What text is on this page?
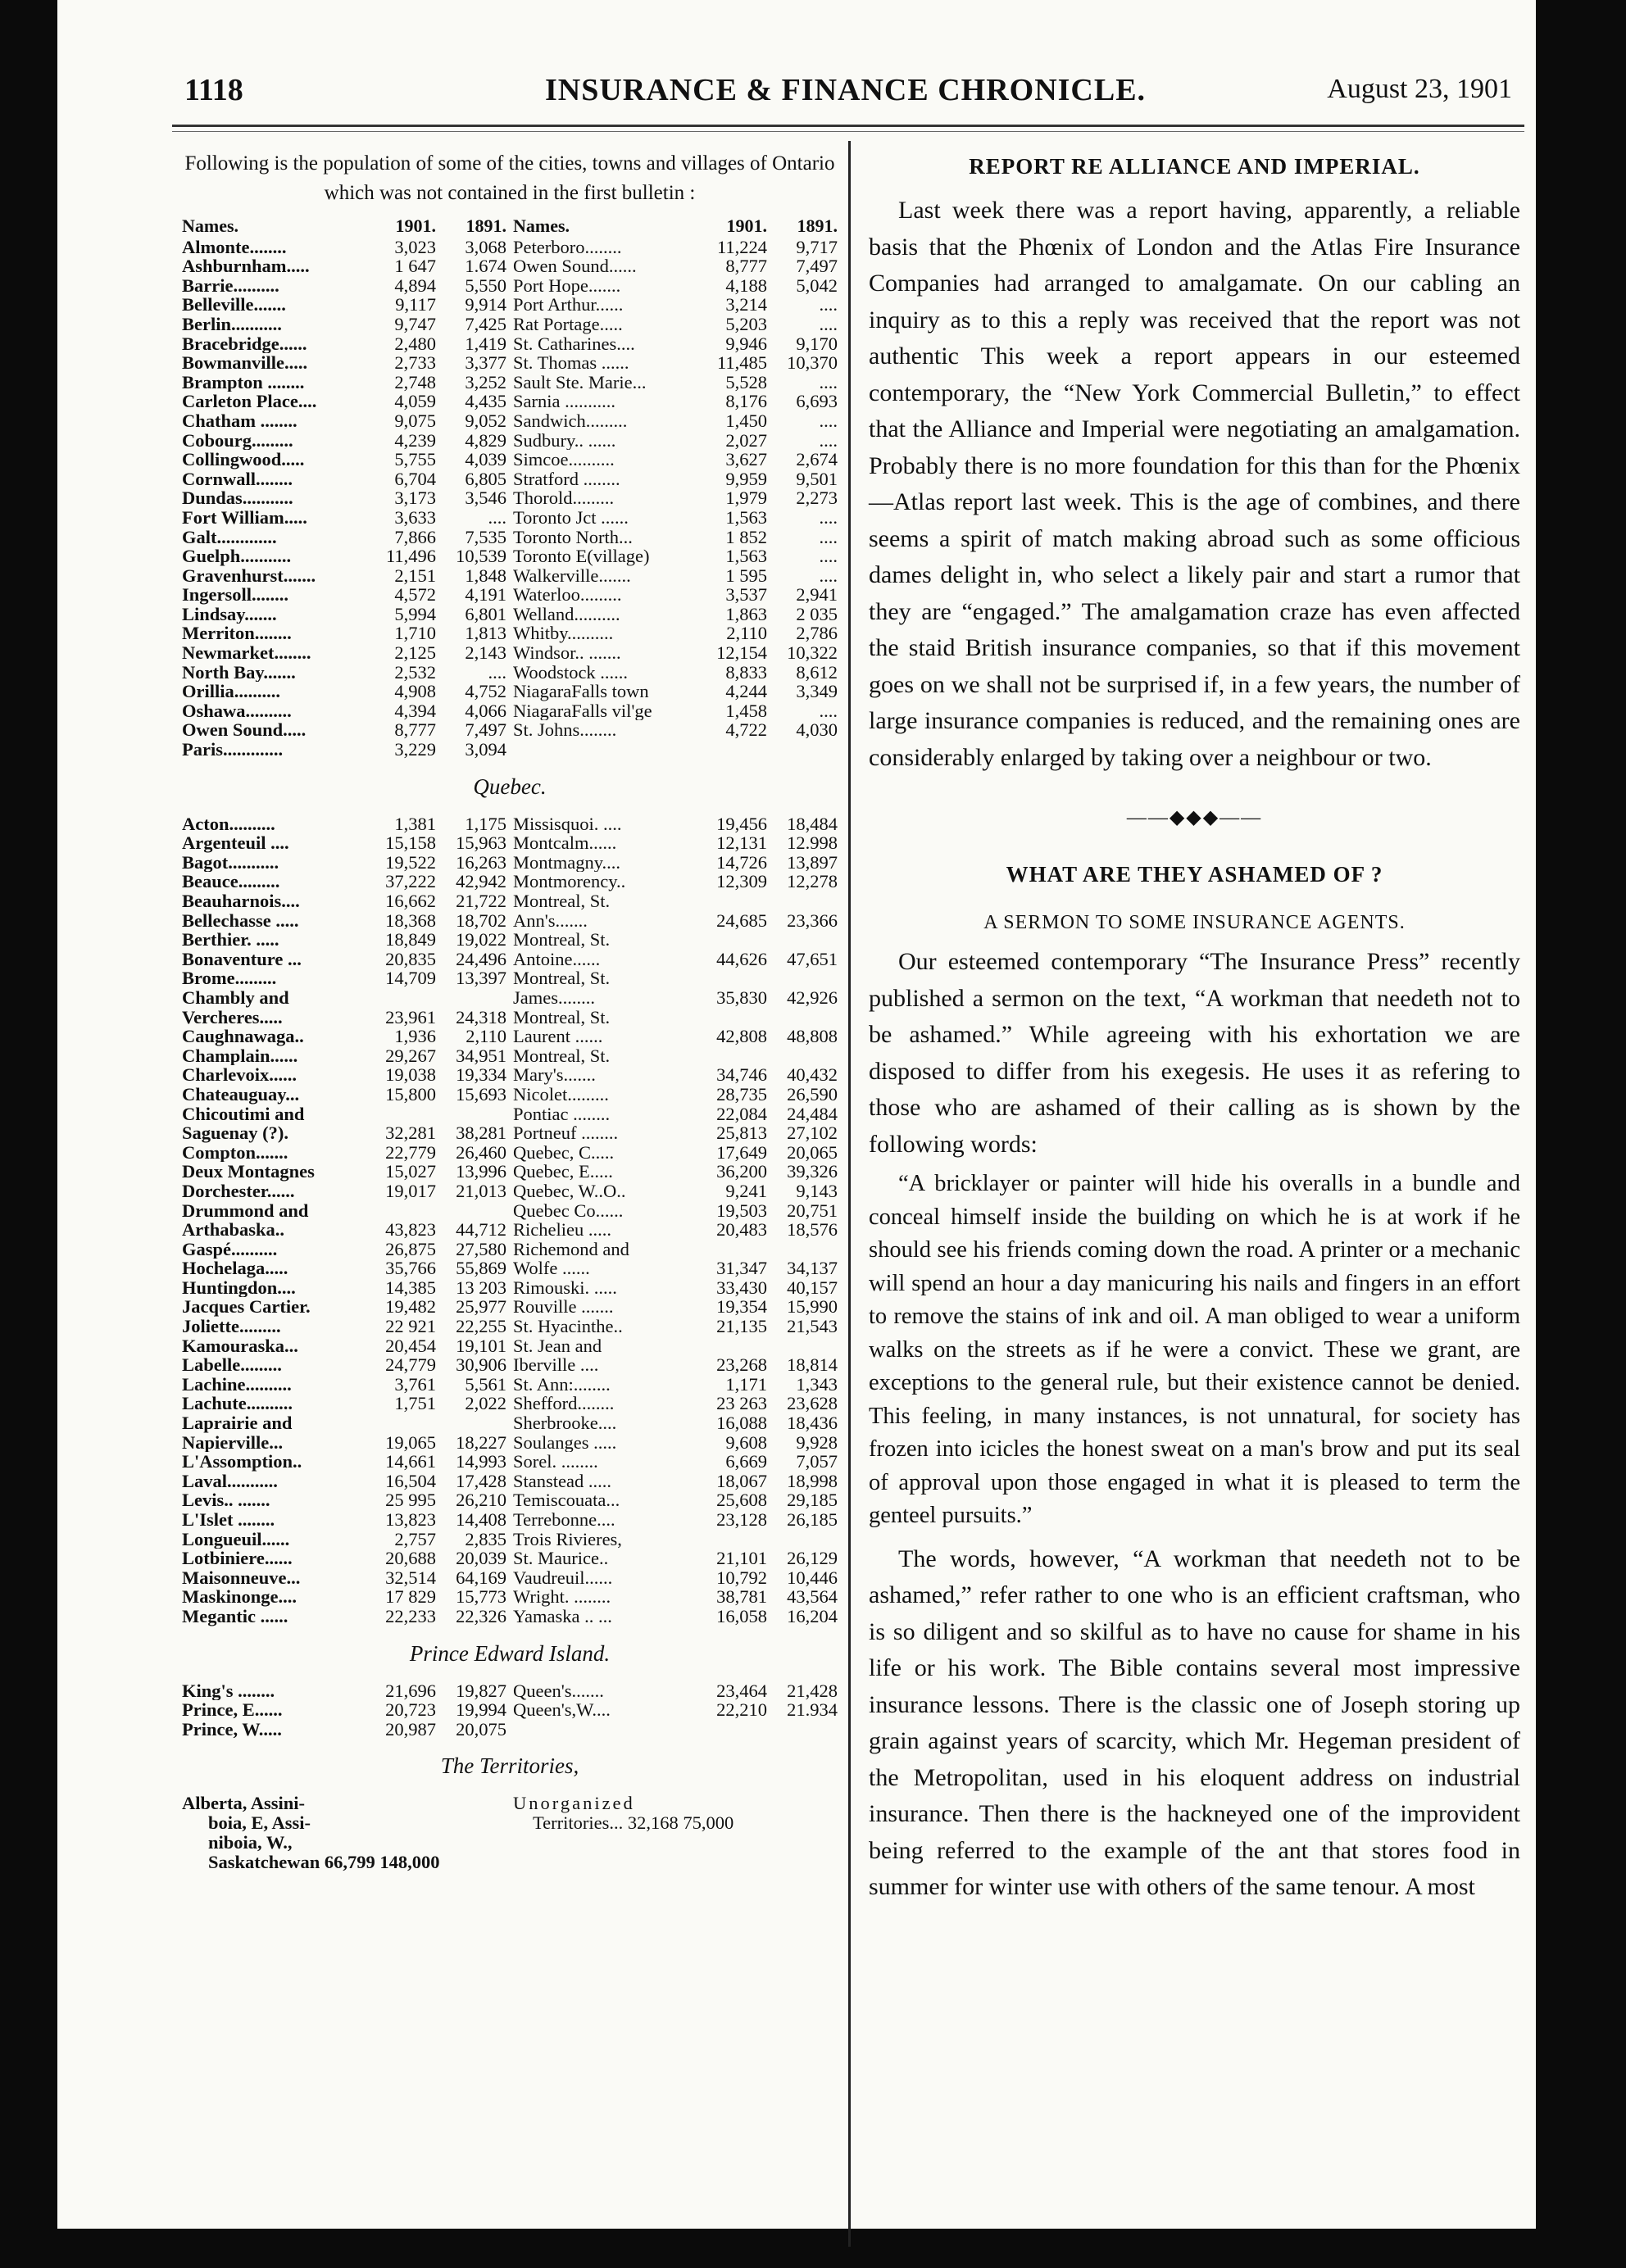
1118	INSURANCE & FINANCE CHRONICLE.	August 23, 1901

Following is the population of some of the cities, towns and villages of Ontario which was not contained in the first bulletin :

Names.	1901.	1891.
Almonte........	3,023	3,068
Ashburnham.....	1 647	1.674
Barrie..........	4,894	5,550
Belleville.......	9,117	9,914
Berlin...........	9,747	7,425
Bracebridge......	2,480	1,419
Bowmanville.....	2,733	3,377
Brampton ........	2,748	3,252
Carleton Place....	4,059	4,435
Chatham ........	9,075	9,052
Cobourg.........	4,239	4,829
Collingwood.....	5,755	4,039
Cornwall........	6,704	6,805
Dundas...........	3,173	3,546
Fort William.....	3,633	....
Galt.............	7,866	7,535
Guelph...........	11,496	10,539
Gravenhurst.......	2,151	1,848
Ingersoll........	4,572	4,191
Lindsay.......	5,994	6,801
Merriton........	1,710	1,813
Newmarket........	2,125	2,143
North Bay.......	2,532	....
Orillia..........	4,908	4,752
Oshawa..........	4,394	4,066
Owen Sound.....	8,777	7,497
Paris.............	3,229	3,094
Names.	1901.	1891.
Peterboro........	11,224	9,717
Owen Sound......	8,777	7,497
Port Hope.......	4,188	5,042
Port Arthur......	3,214	....
Rat Portage.....	5,203	....
St. Catharines....	9,946	9,170
St. Thomas ......	11,485	10,370
Sault Ste. Marie...	5,528	....
Sarnia ...........	8,176	6,693
Sandwich.........	1,450	....
Sudbury.. ......	2,027	....
Simcoe..........	3,627	2,674
Stratford ........	9,959	9,501
Thorold.........	1,979	2,273
Toronto Jct ......	1,563	....
Toronto North...	1 852	....
Toronto E(village)	1,563	....
Walkerville.......	1 595	....
Waterloo.........	3,537	2,941
Welland..........	1,863	2 035
Whitby..........	2,110	2,786
Windsor.. .......	12,154	10,322
Woodstock ......	8,833	8,612
NiagaraFalls town	4,244	3,349
NiagaraFalls vil'ge	1,458	....
St. Johns........	4,722	4,030
Quebec.
Acton..........	1,381	1,175
Argenteuil ....	15,158	15,963
Bagot...........	19,522	16,263
Beauce.........	37,222	42,942
Beauharnois....	16,662	21,722
Bellechasse .....	18,368	18,702
Berthier. .....	18,849	19,022
Bonaventure ...	20,835	24,496
Brome.........	14,709	13,397
Chambly and
Vercheres.....	23,961	24,318
Caughnawaga..	1,936	2,110
Champlain......	29,267	34,951
Charlevoix......	19,038	19,334
Chateauguay...	15,800	15,693
Chicoutimi and
Saguenay (?).	32,281	38,281
Compton.......	22,779	26,460
Deux Montagnes	15,027	13,996
Dorchester......	19,017	21,013
Drummond and
Arthabaska..	43,823	44,712
Gaspé..........	26,875	27,580
Hochelaga.....	35,766	55,869
Huntingdon....	14,385	13 203
Jacques Cartier.	19,482	25,977
Joliette.........	22 921	22,255
Kamouraska...	20,454	19,101
Labelle.........	24,779	30,906
Lachine..........	3,761	5,561
Lachute..........	1,751	2,022
Laprairie and
Napierville...	19,065	18,227
L'Assomption..	14,661	14,993
Laval...........	16,504	17,428
Levis.. .......	25 995	26,210
L'Islet ........	13,823	14,408
Longueuil......	2,757	2,835
Lotbiniere......	20,688	20,039
Maisonneuve...	32,514	64,169
Maskinonge....	17 829	15,773
Megantic ......	22,233	22,326
Missisquoi. ....	19,456	18,484
Montcalm......	12,131	12.998
Montmagny....	14,726	13,897
Montmorency..	12,309	12,278
Montreal, St.
Ann's.......	24,685	23,366
Montreal, St.
Antoine......	44,626	47,651
Montreal, St.
James........	35,830	42,926
Montreal, St.
Laurent ......	42,808	48,808
Montreal, St.
Mary's.......	34,746	40,432
Nicolet.........	28,735	26,590
Pontiac ........	22,084	24,484
Portneuf ........	25,813	27,102
Quebec, C.....	17,649	20,065
Quebec, E.....	36,200	39,326
Quebec, W..O..	9,241	9,143
Quebec Co......	19,503	20,751
Richelieu .....	20,483	18,576
Richemond and
Wolfe ......	31,347	34,137
Rimouski. .....	33,430	40,157
Rouville .......	19,354	15,990
St. Hyacinthe..	21,135	21,543
St. Jean and
Iberville ....	23,268	18,814
St. Ann:........	1,171	1,343
Shefford........	23 263	23,628
Sherbrooke....	16,088	18,436
Soulanges .....	9,608	9,928
Sorel. ........	6,669	7,057
Stanstead .....	18,067	18,998
Temiscouata...	25,608	29,185
Terrebonne....	23,128	26,185
Trois Rivieres,
St. Maurice..	21,101	26,129
Vaudreuil......	10,792	10,446
Wright. ........	38,781	43,564
Yamaska .. ...	16,058	16,204
Prince Edward Island.
King's ........	21,696	19,827
Prince, E......	20,723	19,994
Prince, W.....	20,987	20,075
Queen's.......	23,464	21,428
Queen's,W....	22,210	21.934
The Territories,
Alberta, Assini-
boia, E, Assi-
niboia, W.,
Saskatchewan 66,799 148,000
Unorganized
Territories... 32,168 75,000
REPORT RE ALLIANCE AND IMPERIAL.

Last week there was a report having, apparently, a reliable basis that the Phœnix of London and the Atlas Fire Insurance Companies had arranged to amalgamate. On our cabling an inquiry as to this a reply was received that the report was not authentic This week a report appears in our esteemed contemporary, the “New York Commercial Bulletin,” to effect that the Alliance and Imperial were negotiating an amalgamation. Probably there is no more foundation for this than for the Phœnix—Atlas report last week. This is the age of combines, and there seems a spirit of match making abroad such as some officious dames delight in, who select a likely pair and start a rumor that they are “engaged.” The amalgamation craze has even affected the staid British insurance companies, so that if this movement goes on we shall not be surprised if, in a few years, the number of large insurance companies is reduced, and the remaining ones are considerably enlarged by taking over a neighbour or two.

——◆◆◆——
WHAT ARE THEY ASHAMED OF ?
A SERMON TO SOME INSURANCE AGENTS.

Our esteemed contemporary “The Insurance Press” recently published a sermon on the text, “A workman that needeth not to be ashamed.” While agreeing with his exhortation we are disposed to differ from his exegesis. He uses it as refering to those who are ashamed of their calling as is shown by the following words:

“A bricklayer or painter will hide his overalls in a bundle and conceal himself inside the building on which he is at work if he should see his friends coming down the road. A printer or a mechanic will spend an hour a day manicuring his nails and fingers in an effort to remove the stains of ink and oil. A man obliged to wear a uniform walks on the streets as if he were a convict. These we grant, are exceptions to the general rule, but their existence cannot be denied. This feeling, in many instances, is not unnatural, for society has frozen into icicles the honest sweat on a man's brow and put its seal of approval upon those engaged in what it is pleased to term the genteel pursuits.”

The words, however, “A workman that needeth not to be ashamed,” refer rather to one who is an efficient craftsman, who is so diligent and so skilful as to have no cause for shame in his life or his work. The Bible contains several most impressive insurance lessons. There is the classic one of Joseph storing up grain against years of scarcity, which Mr. Hegeman president of the Metropolitan, used in his eloquent address on industrial insurance. Then there is the hackneyed one of the improvident being referred to the example of the ant that stores food in summer for winter use with others of the same tenour. A most
